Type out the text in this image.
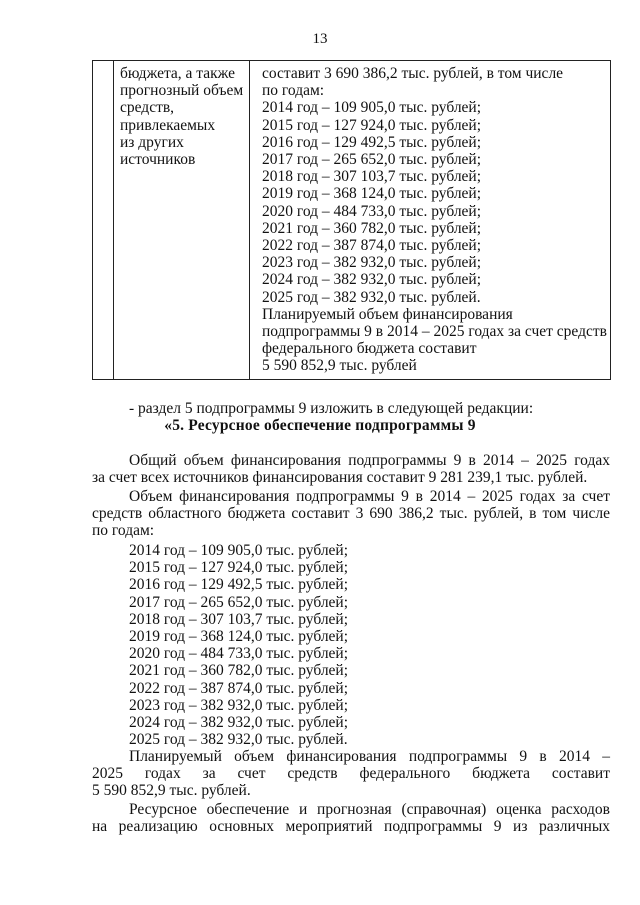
13
бюджета, а также
прогнозный объем
средств,
привлекаемых
из других
источников
составит 3 690 386,2 тыс. рублей, в том числе
по годам:
2014 год – 109 905,0 тыс. рублей;
2015 год – 127 924,0 тыс. рублей;
2016 год – 129 492,5 тыс. рублей;
2017 год – 265 652,0 тыс. рублей;
2018 год – 307 103,7 тыс. рублей;
2019 год – 368 124,0 тыс. рублей;
2020 год – 484 733,0 тыс. рублей;
2021 год – 360 782,0 тыс. рублей;
2022 год – 387 874,0 тыс. рублей;
2023 год – 382 932,0 тыс. рублей;
2024 год – 382 932,0 тыс. рублей;
2025 год – 382 932,0 тыс. рублей.
Планируемый объем финансирования
подпрограммы 9 в 2014 – 2025 годах за счет средств
федерального бюджета составит
5 590 852,9 тыс. рублей
- раздел 5 подпрограммы 9 изложить в следующей редакции:
«5. Ресурсное обеспечение подпрограммы 9
Общий объем финансирования подпрограммы 9 в 2014 – 2025 годах
за счет всех источников финансирования составит 9 281 239,1 тыс. рублей.
Объем финансирования подпрограммы 9 в 2014 – 2025 годах за счет
средств областного бюджета составит 3 690 386,2 тыс. рублей, в том числе
по годам:
2014 год – 109 905,0 тыс. рублей;
2015 год – 127 924,0 тыс. рублей;
2016 год – 129 492,5 тыс. рублей;
2017 год – 265 652,0 тыс. рублей;
2018 год – 307 103,7 тыс. рублей;
2019 год – 368 124,0 тыс. рублей;
2020 год – 484 733,0 тыс. рублей;
2021 год – 360 782,0 тыс. рублей;
2022 год – 387 874,0 тыс. рублей;
2023 год – 382 932,0 тыс. рублей;
2024 год – 382 932,0 тыс. рублей;
2025 год – 382 932,0 тыс. рублей.
Планируемый объем финансирования подпрограммы 9 в 2014 –
2025 годах за счет средств федерального бюджета составит
5 590 852,9 тыс. рублей.
Ресурсное обеспечение и прогнозная (справочная) оценка расходов
на реализацию основных мероприятий подпрограммы 9 из различных
